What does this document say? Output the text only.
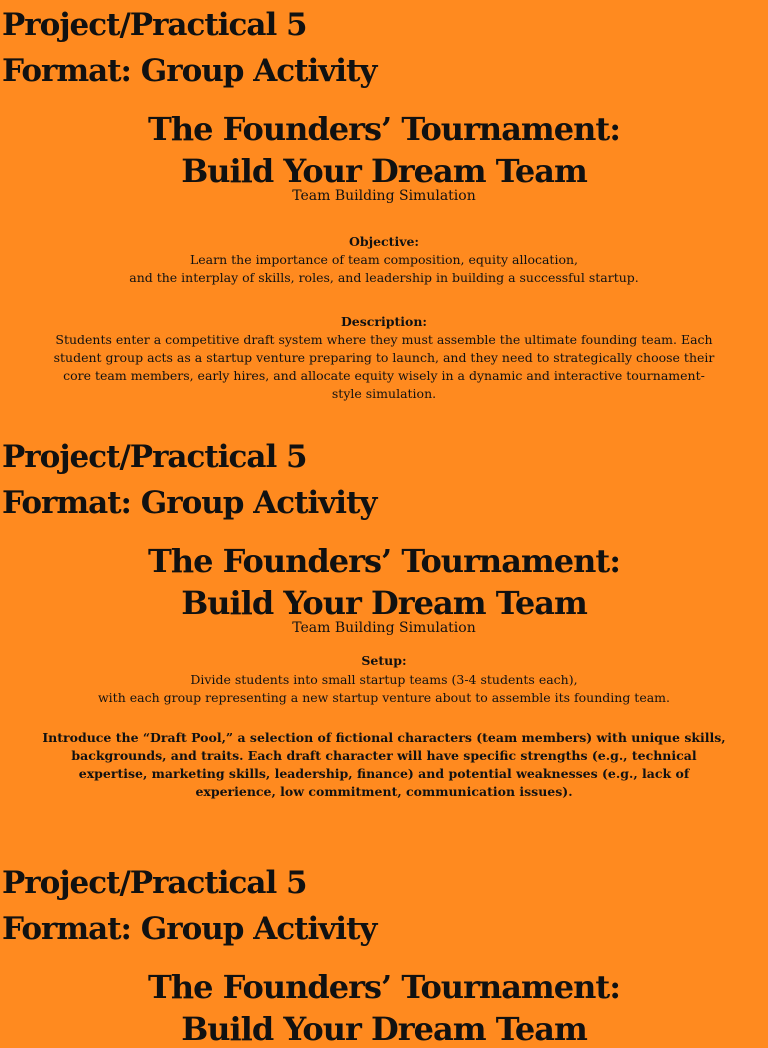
Project/Practical 5
Format: Group Activity
The Founders’ Tournament:
Build Your Dream Team
Team Building Simulation
Objective:
Learn the importance of team composition, equity allocation,
and the interplay of skills, roles, and leadership in building a successful startup.
Description:
Students enter a competitive draft system where they must assemble the ultimate founding team. Each student group acts as a startup venture preparing to launch, and they need to strategically choose their core team members, early hires, and allocate equity wisely in a dynamic and interactive tournament-style simulation.
Project/Practical 5
Format: Group Activity
The Founders’ Tournament:
Build Your Dream Team
Team Building Simulation
Setup:
Divide students into small startup teams (3-4 students each),
with each group representing a new startup venture about to assemble its founding team.
Introduce the “Draft Pool,” a selection of fictional characters (team members) with unique skills, backgrounds, and traits. Each draft character will have specific strengths (e.g., technical expertise, marketing skills, leadership, finance) and potential weaknesses (e.g., lack of experience, low commitment, communication issues).
Project/Practical 5
Format: Group Activity
The Founders’ Tournament:
Build Your Dream Team
